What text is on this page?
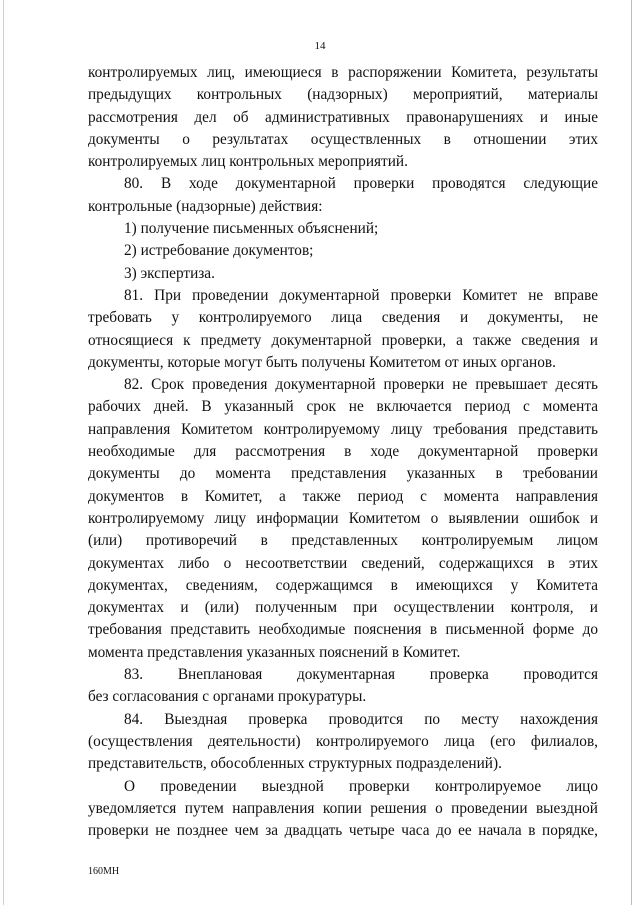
14
контролируемых лиц, имеющиеся в распоряжении Комитета, результаты
предыдущих контрольных (надзорных) мероприятий, материалы
рассмотрения дел об административных правонарушениях и иные
документы о результатах осуществленных в отношении этих
контролируемых лиц контрольных мероприятий.
80. В ходе документарной проверки проводятся следующие
контрольные (надзорные) действия:
1) получение письменных объяснений;
2) истребование документов;
3) экспертиза.
81. При проведении документарной проверки Комитет не вправе
требовать у контролируемого лица сведения и документы, не
относящиеся к предмету документарной проверки, а также сведения и
документы, которые могут быть получены Комитетом от иных органов.
82. Срок проведения документарной проверки не превышает десять
рабочих дней. В указанный срок не включается период с момента
направления Комитетом контролируемому лицу требования представить
необходимые для рассмотрения в ходе документарной проверки
документы до момента представления указанных в требовании
документов в Комитет, а также период с момента направления
контролируемому лицу информации Комитетом о выявлении ошибок и
(или) противоречий в представленных контролируемым лицом
документах либо о несоответствии сведений, содержащихся в этих
документах, сведениям, содержащимся в имеющихся у Комитета
документах и (или) полученным при осуществлении контроля, и
требования представить необходимые пояснения в письменной форме до
момента представления указанных пояснений в Комитет.
83. Внеплановая документарная проверка проводится
без согласования с органами прокуратуры.
84. Выездная проверка проводится по месту нахождения
(осуществления деятельности) контролируемого лица (его филиалов,
представительств, обособленных структурных подразделений).
О проведении выездной проверки контролируемое лицо
уведомляется путем направления копии решения о проведении выездной
проверки не позднее чем за двадцать четыре часа до ее начала в порядке,
160МН
